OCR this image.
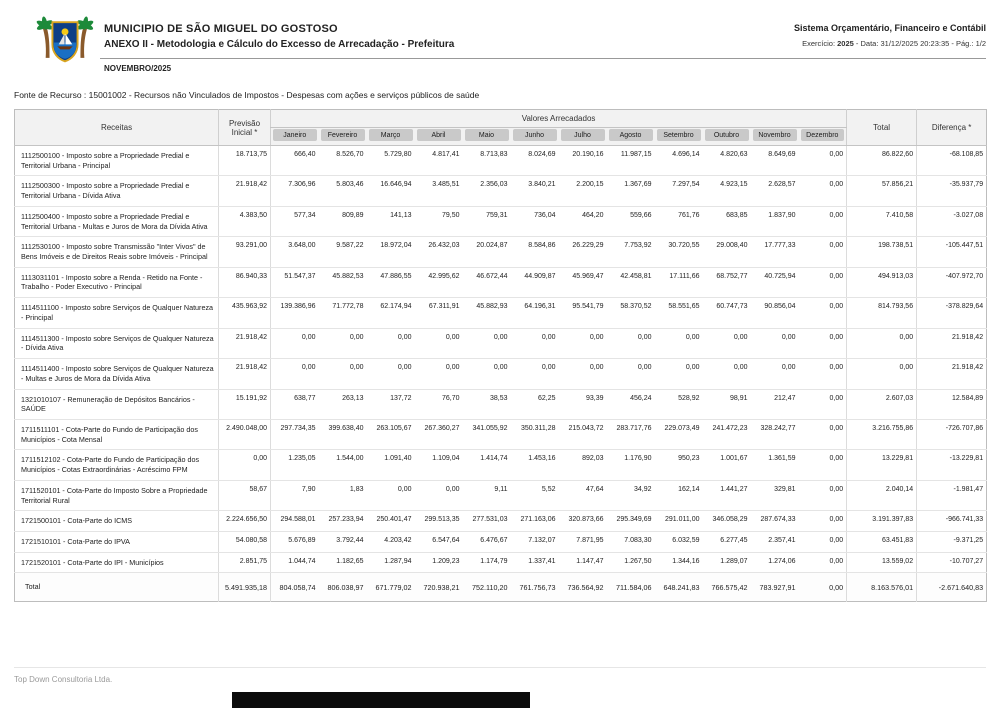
MUNICIPIO DE SÃO MIGUEL DO GOSTOSO
ANEXO II - Metodologia e Cálculo do Excesso de Arrecadação - Prefeitura
Sistema Orçamentário, Financeiro e Contábil
Exercício: 2025 - Data: 31/12/2025 20:23:35 - Pág.: 1/2
NOVEMBRO/2025
Fonte de Recurso : 15001002 - Recursos não Vinculados de Impostos - Despesas com ações e serviços públicos de saúde
Receitas	Previsão Inicial *	Valores Arrecadados												Total	Diferença *

		Janeiro	Fevereiro	Março	Abril	Maio	Junho	Julho	Agosto	Setembro	Outubro	Novembro	Dezembro		

1112500100 - Imposto sobre a Propriedade Predial e Territorial Urbana - Principal	18.713,75	666,40	8.526,70	5.729,80	4.817,41	8.713,83	8.024,69	20.190,16	11.987,15	4.696,14	4.820,63	8.649,69	0,00	86.822,60	-68.108,85
1112500300 - Imposto sobre a Propriedade Predial e Territorial Urbana - Dívida Ativa	21.918,42	7.306,96	5.803,46	16.646,94	3.485,51	2.356,03	3.840,21	2.200,15	1.367,69	7.297,54	4.923,15	2.628,57	0,00	57.856,21	-35.937,79
1112500400 - Imposto sobre a Propriedade Predial e Territorial Urbana - Multas e Juros de Mora da Dívida Ativa	4.383,50	577,34	809,89	141,13	79,50	759,31	736,04	464,20	559,66	761,76	683,85	1.837,90	0,00	7.410,58	-3.027,08
1112530100 - Imposto sobre Transmissão "Inter Vivos" de Bens Imóveis e de Direitos Reais sobre Imóveis - Principal	93.291,00	3.648,00	9.587,22	18.972,04	26.432,03	20.024,87	8.584,86	26.229,29	7.753,92	30.720,55	29.008,40	17.777,33	0,00	198.738,51	-105.447,51
1113031101 - Imposto sobre a Renda - Retido na Fonte - Trabalho - Poder Executivo - Principal	86.940,33	51.547,37	45.882,53	47.886,55	42.995,62	46.672,44	44.909,87	45.969,47	42.458,81	17.111,66	68.752,77	40.725,94	0,00	494.913,03	-407.972,70
1114511100 - Imposto sobre Serviços de Qualquer Natureza - Principal	435.963,92	139.386,96	71.772,78	62.174,94	67.311,91	45.882,93	64.196,31	95.541,79	58.370,52	58.551,65	60.747,73	90.856,04	0,00	814.793,56	-378.829,64
1114511300 - Imposto sobre Serviços de Qualquer Natureza - Dívida Ativa	21.918,42	0,00	0,00	0,00	0,00	0,00	0,00	0,00	0,00	0,00	0,00	0,00	0,00	0,00	21.918,42
1114511400 - Imposto sobre Serviços de Qualquer Natureza - Multas e Juros de Mora da Dívida Ativa	21.918,42	0,00	0,00	0,00	0,00	0,00	0,00	0,00	0,00	0,00	0,00	0,00	0,00	0,00	21.918,42
1321010107 - Remuneração de Depósitos Bancários - SAÚDE	15.191,92	638,77	263,13	137,72	76,70	38,53	62,25	93,39	456,24	528,92	98,91	212,47	0,00	2.607,03	12.584,89
1711511101 - Cota-Parte do Fundo de Participação dos Municípios - Cota Mensal	2.490.048,00	297.734,35	399.638,40	263.105,67	267.360,27	341.055,92	350.311,28	215.043,72	283.717,76	229.073,49	241.472,23	328.242,77	0,00	3.216.755,86	-726.707,86
1711512102 - Cota-Parte do Fundo de Participação dos Municípios - Cotas Extraordinárias - Acréscimo FPM	0,00	1.235,05	1.544,00	1.091,40	1.109,04	1.414,74	1.453,16	892,03	1.176,90	950,23	1.001,67	1.361,59	0,00	13.229,81	-13.229,81
1711520101 - Cota-Parte do Imposto Sobre a Propriedade Territorial Rural	58,67	7,90	1,83	0,00	0,00	9,11	5,52	47,64	34,92	162,14	1.441,27	329,81	0,00	2.040,14	-1.981,47
1721500101 - Cota-Parte do ICMS	2.224.656,50	294.588,01	257.233,94	250.401,47	299.513,35	277.531,03	271.163,06	320.873,66	295.349,69	291.011,00	346.058,29	287.674,33	0,00	3.191.397,83	-966.741,33
1721510101 - Cota-Parte do IPVA	54.080,58	5.676,89	3.792,44	4.203,42	6.547,64	6.476,67	7.132,07	7.871,95	7.083,30	6.032,59	6.277,45	2.357,41	0,00	63.451,83	-9.371,25
1721520101 - Cota-Parte do IPI - Municípios	2.851,75	1.044,74	1.182,65	1.287,94	1.209,23	1.174,79	1.337,41	1.147,47	1.267,50	1.344,16	1.289,07	1.274,06	0,00	13.559,02	-10.707,27
Total	5.491.935,18	804.058,74	806.038,97	671.779,02	720.938,21	752.110,20	761.756,73	736.564,92	711.584,06	648.241,83	766.575,42	783.927,91	0,00	8.163.576,01	-2.671.640,83
Top Down Consultoria Ltda.
